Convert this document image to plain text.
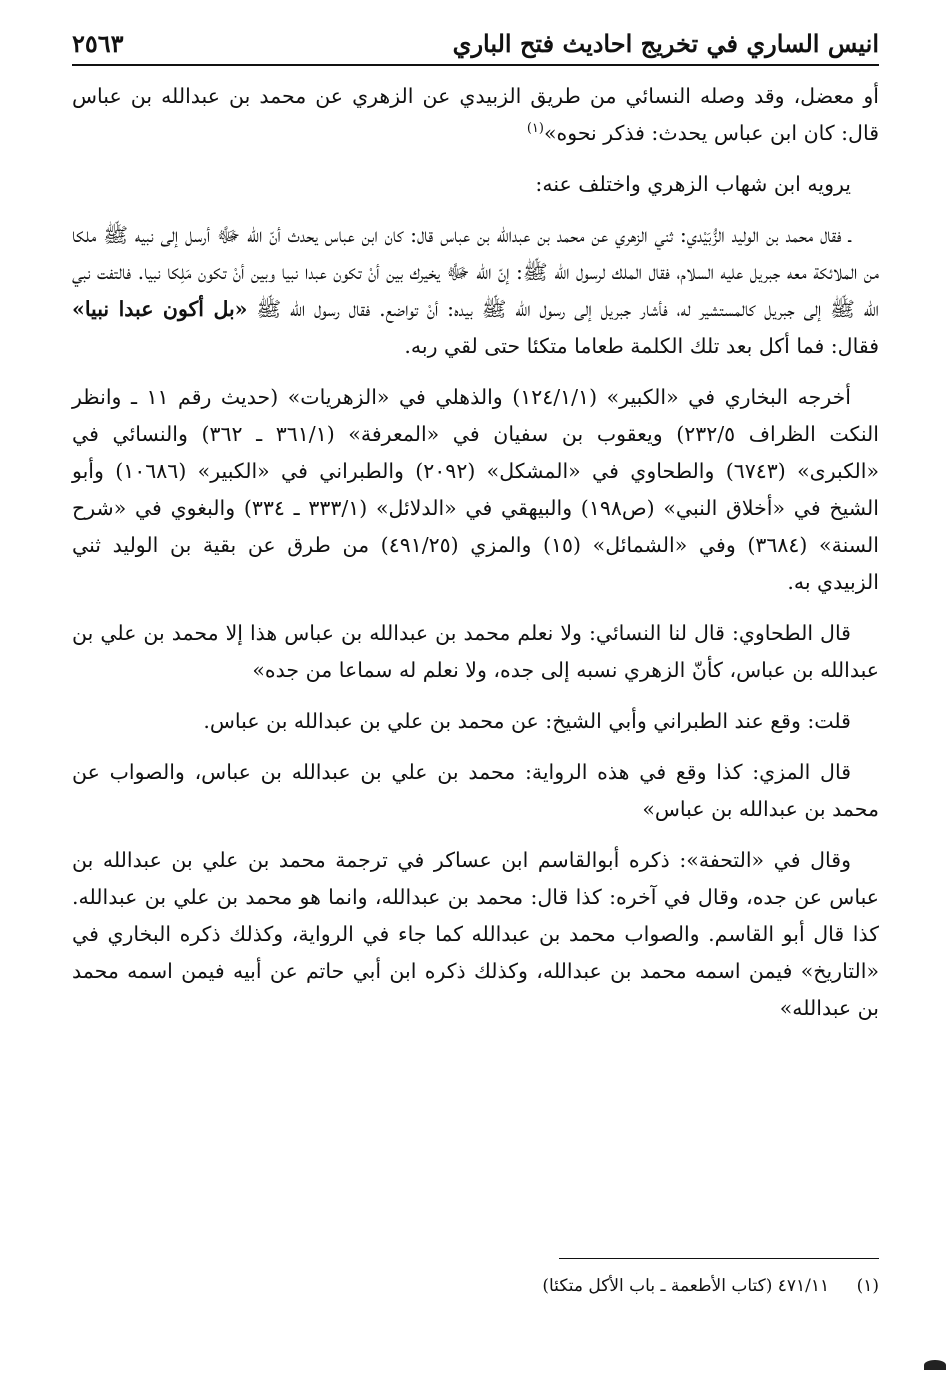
انيس الساري في تخريج احاديث فتح الباري
٢٥٦٣

أو معضل، وقد وصله النسائي من طريق الزبيدي عن الزهري عن محمد بن عبدالله بن عباس قال: كان ابن عباس يحدث: فذكر نحوه»$^{(١)}$

يرويه ابن شهاب الزهري واختلف عنه:

ـ فقال محمد بن الوليد الزُّبَيْدي: ثني الزهري عن محمد بن عبدالله بن عباس قال: كان ابن عباس يحدث أنّ الله ﷻ أرسل إلى نبيه ﷺ ملكا من الملائكة معه جبريل عليه السلام، فقال الملك لرسول الله ﷺ: إنّ الله ﷻ يخيرك بين أنْ تكون عبدا نبيا وبين أنْ تكون مَلِكا نبيا. فالتفت نبي الله ﷺ إلى جبريل كالمستشير له، فأشار جبريل إلى رسول الله ﷺ بيده: أنْ تواضع. فقال رسول الله ﷺ «بل أكون عبدا نبيا» فقال: فما أكل بعد تلك الكلمة طعاما متكئا حتى لقي ربه.

أخرجه البخاري في «الكبير» (١٢٤/١/١) والذهلي في «الزهريات» (حديث رقم ١١ ـ وانظر النكت الظراف ٢٣٢/٥) ويعقوب بن سفيان في «المعرفة» (٣٦١/١ ـ ٣٦٢) والنسائي في «الكبرى» (٦٧٤٣) والطحاوي في «المشكل» (٢٠٩٢) والطبراني في «الكبير» (١٠٦٨٦) وأبو الشيخ في «أخلاق النبي» (ص١٩٨) والبيهقي في «الدلائل» (٣٣٣/١ ـ ٣٣٤) والبغوي في «شرح السنة» (٣٦٨٤) وفي «الشمائل» (١٥) والمزي (٤٩١/٢٥) من طرق عن بقية بن الوليد ثني الزبيدي به.

قال الطحاوي: قال لنا النسائي: ولا نعلم محمد بن عبدالله بن عباس هذا إلا محمد بن علي بن عبدالله بن عباس، كأنّ الزهري نسبه إلى جده، ولا نعلم له سماعا من جده»

قلت: وقع عند الطبراني وأبي الشيخ: عن محمد بن علي بن عبدالله بن عباس.

قال المزي: كذا وقع في هذه الرواية: محمد بن علي بن عبدالله بن عباس، والصواب عن محمد بن عبدالله بن عباس»

وقال في «التحفة»: ذكره أبوالقاسم ابن عساكر في ترجمة محمد بن علي بن عبدالله بن عباس عن جده، وقال في آخره: كذا قال: محمد بن عبدالله، وانما هو محمد بن علي بن عبدالله. كذا قال أبو القاسم. والصواب محمد بن عبدالله كما جاء في الرواية، وكذلك ذكره البخاري في «التاريخ» فيمن اسمه محمد بن عبدالله، وكذلك ذكره ابن أبي حاتم عن أبيه فيمن اسمه محمد بن عبدالله»

(١) ٤٧١/١١ (كتاب الأطعمة ـ باب الأكل متكئا)
